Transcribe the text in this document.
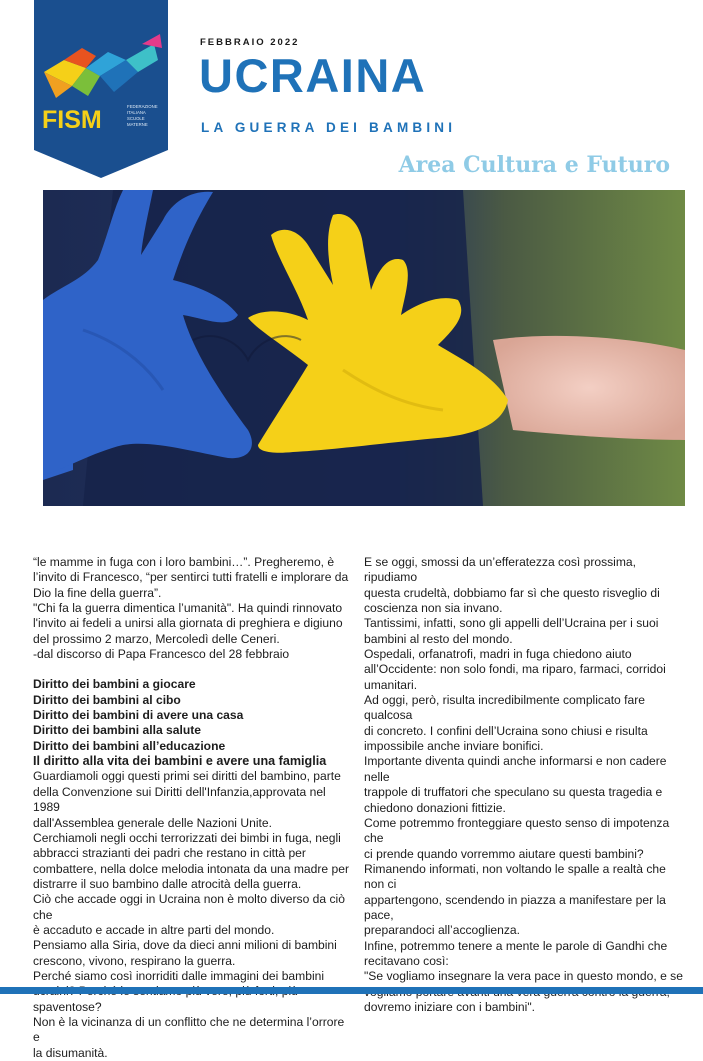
FISM	FEDERAZIONE
ITALIANA
SCUOLE
MATERNE
FEBBRAIO 2022
UCRAINA
LA GUERRA DEI BAMBINI
Area Cultura e Futuro

“le mamme in fuga con i loro bambini…”. Pregheremo, è

l’invito di Francesco, “per sentirci tutti fratelli e implorare da

Dio la fine della guerra”.

"Chi fa la guerra dimentica l’umanità". Ha quindi rinnovato

l'invito ai fedeli a unirsi alla giornata di preghiera e digiuno

del prossimo 2 marzo, Mercoledì delle Ceneri.

-dal discorso di Papa Francesco del 28 febbraio

Diritto dei bambini a giocare

Diritto dei bambini al cibo

Diritto dei bambini di avere una casa

Diritto dei bambini alla salute

Diritto dei bambini all’educazione

Il diritto alla vita dei bambini e avere una famiglia

Guardiamoli oggi questi primi sei diritti del bambino, parte

della Convenzione sui Diritti dell'Infanzia,approvata nel 1989

dall'Assemblea generale delle Nazioni Unite.

Cerchiamoli negli occhi terrorizzati dei bimbi in fuga, negli

abbracci strazianti dei padri che restano in città per

combattere, nella dolce melodia intonata da una madre per

distrarre il suo bambino dalle atrocità della guerra.

Ciò che accade oggi in Ucraina non è molto diverso da ciò che

è accaduto e accade in altre parti del mondo.

Pensiamo alla Siria, dove da dieci anni milioni di bambini

crescono, vivono, respirano la guerra.

Perché siamo così inorriditi dalle immagini dei bambini

spaventose?

Non è la vicinanza di un conflitto che ne determina l’orrore e

la disumanità.

E se oggi, smossi da un’efferatezza così prossima, ripudiamo

questa crudeltà, dobbiamo far sì che questo risveglio di

coscienza non sia invano.

Tantissimi, infatti, sono gli appelli dell’Ucraina per i suoi

bambini al resto del mondo.

Ospedali, orfanatrofi, madri in fuga chiedono aiuto

all’Occidente: non solo fondi, ma riparo, farmaci, corridoi

umanitari.

Ad oggi, però, risulta incredibilmente complicato fare qualcosa

di concreto. I confini dell’Ucraina sono chiusi e risulta

impossibile anche inviare bonifici.

Importante diventa quindi anche informarsi e non cadere nelle

trappole di truffatori che speculano su questa tragedia e

chiedono donazioni fittizie.

Come potremmo fronteggiare questo senso di impotenza che

ci prende quando vorremmo aiutare questi bambini?

Rimanendo informati, non voltando le spalle a realtà che non ci

appartengono, scendendo in piazza a manifestare per la pace,

preparandoci all’accoglienza.

Infine, potremmo tenere a mente le parole di Gandhi che

recitavano così:

"Se vogliamo insegnare la vera pace in questo mondo, e se

dovremo iniziare con i bambini".
